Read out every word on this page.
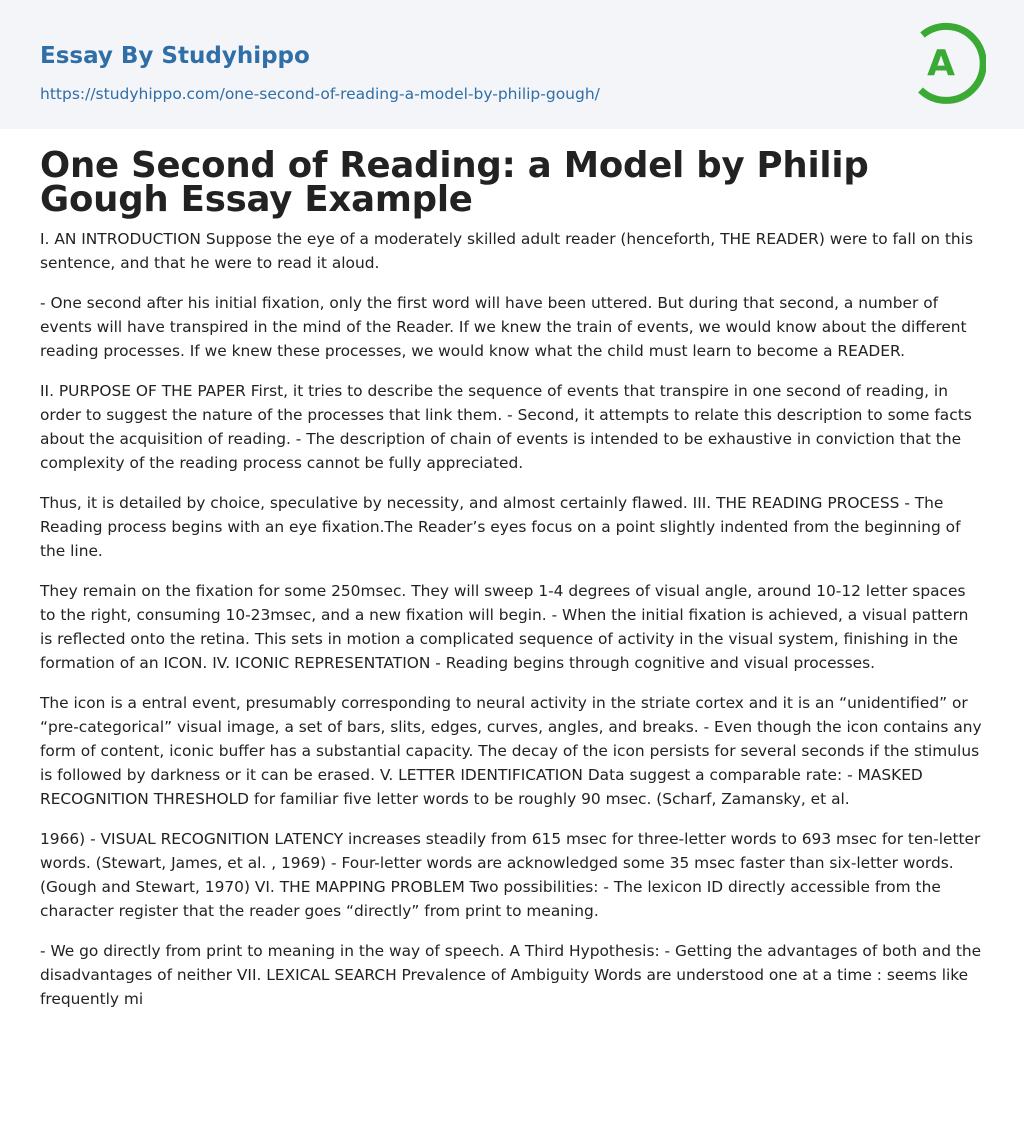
Essay By Studyhippo
https://studyhippo.com/one-second-of-reading-a-model-by-philip-gough/
A
One Second of Reading: a Model by Philip Gough Essay Example

I. AN INTRODUCTION Suppose the eye of a moderately skilled adult reader (henceforth, THE READER) were to fall on this sentence, and that he were to read it aloud.

- One second after his initial fixation, only the first word will have been uttered. But during that second, a number of events will have transpired in the mind of the Reader. If we knew the train of events, we would know about the different reading processes. If we knew these processes, we would know what the child must learn to become a READER.

II. PURPOSE OF THE PAPER First, it tries to describe the sequence of events that transpire in one second of reading, in order to suggest the nature of the processes that link them. - Second, it attempts to relate this description to some facts about the acquisition of reading. - The description of chain of events is intended to be exhaustive in conviction that the complexity of the reading process cannot be fully appreciated.

Thus, it is detailed by choice, speculative by necessity, and almost certainly flawed. III. THE READING PROCESS - The Reading process begins with an eye fixation.The Reader’s eyes focus on a point slightly indented from the beginning of the line.

They remain on the fixation for some 250msec. They will sweep 1-4 degrees of visual angle, around 10-12 letter spaces to the right, consuming 10-23msec, and a new fixation will begin. - When the initial fixation is achieved, a visual pattern is reflected onto the retina. This sets in motion a complicated sequence of activity in the visual system, finishing in the formation of an ICON. IV. ICONIC REPRESENTATION - Reading begins through cognitive and visual processes.

The icon is a entral event, presumably corresponding to neural activity in the striate cortex and it is an “unidentified” or “pre-categorical” visual image, a set of bars, slits, edges, curves, angles, and breaks. - Even though the icon contains any form of content, iconic buffer has a substantial capacity. The decay of the icon persists for several seconds if the stimulus is followed by darkness or it can be erased. V. LETTER IDENTIFICATION Data suggest a comparable rate: - MASKED RECOGNITION THRESHOLD for familiar five letter words to be roughly 90 msec. (Scharf, Zamansky, et al.

1966) - VISUAL RECOGNITION LATENCY increases steadily from 615 msec for three-letter words to 693 msec for ten-letter words. (Stewart, James, et al. , 1969) - Four-letter words are acknowledged some 35 msec faster than six-letter words. (Gough and Stewart, 1970) VI. THE MAPPING PROBLEM Two possibilities: - The lexicon ID directly accessible from the character register that the reader goes “directly” from print to meaning.

- We go directly from print to meaning in the way of speech. A Third Hypothesis: - Getting the advantages of both and the disadvantages of neither VII. LEXICAL SEARCH Prevalence of Ambiguity Words are understood one at a time : seems like frequently mi
